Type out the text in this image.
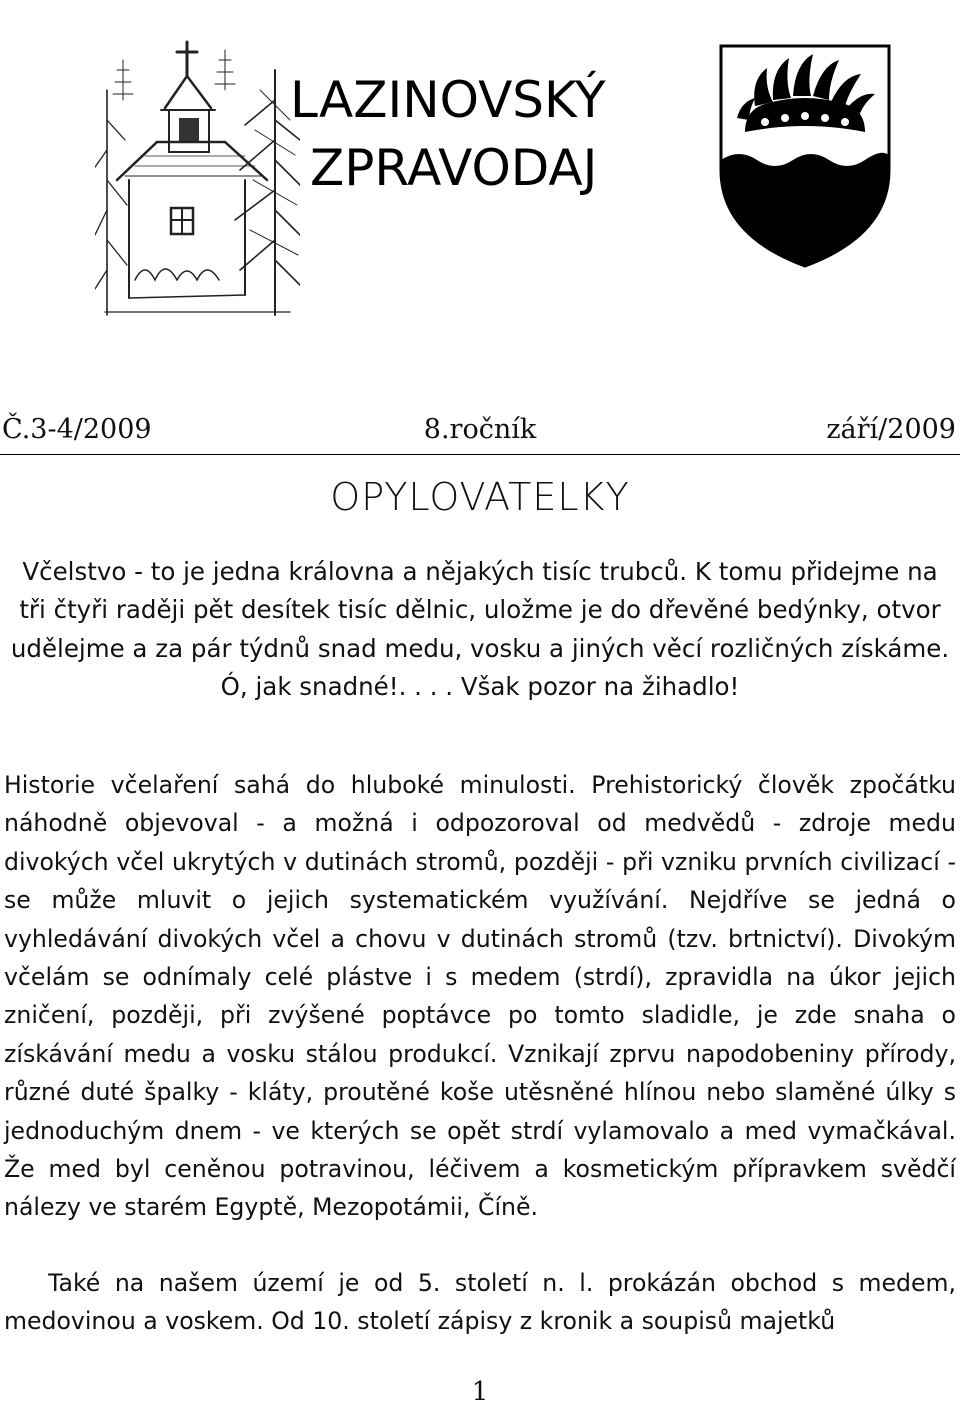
LAZINOVSKÝ
ZPRAVODAJ
Č.3-4/2009	8.ročník	září/2009
OPYLOVATELKY

Včelstvo - to je jedna královna a nějakých tisíc trubců. K tomu přidejme na tři čtyři raději pět desítek tisíc dělnic, uložme je do dřevěné bedýnky, otvor udělejme a za pár týdnů snad medu, vosku a jiných věcí rozličných získáme. Ó, jak snadné!. . . . Však pozor na žihadlo!

Historie včelaření sahá do hluboké minulosti. Prehistorický člověk zpočátku náhodně objevoval - a možná i odpozoroval od medvědů - zdroje medu divokých včel ukrytých v dutinách stromů, později - při vzniku prvních civilizací - se může mluvit o jejich systematickém využívání. Nejdříve se jedná o vyhledávání divokých včel a chovu v dutinách stromů (tzv. brtnictví). Divokým včelám se odnímaly celé plástve i s medem (strdí), zpravidla na úkor jejich zničení, později, při zvýšené poptávce po tomto sladidle, je zde snaha o získávání medu a vosku stálou produkcí. Vznikají zprvu napodobeniny přírody, různé duté špalky - kláty, proutěné koše utěsněné hlínou nebo slaměné úlky s jednoduchým dnem - ve kterých se opět strdí vylamovalo a med vymačkával. Že med byl ceněnou potravinou, léčivem a kosmetickým přípravkem svědčí nálezy ve starém Egyptě, Mezopotámii, Číně.

Také na našem území je od 5. století n. l. prokázán obchod s medem, medovinou a voskem. Od 10. století zápisy z kronik a soupisů majetků

1
